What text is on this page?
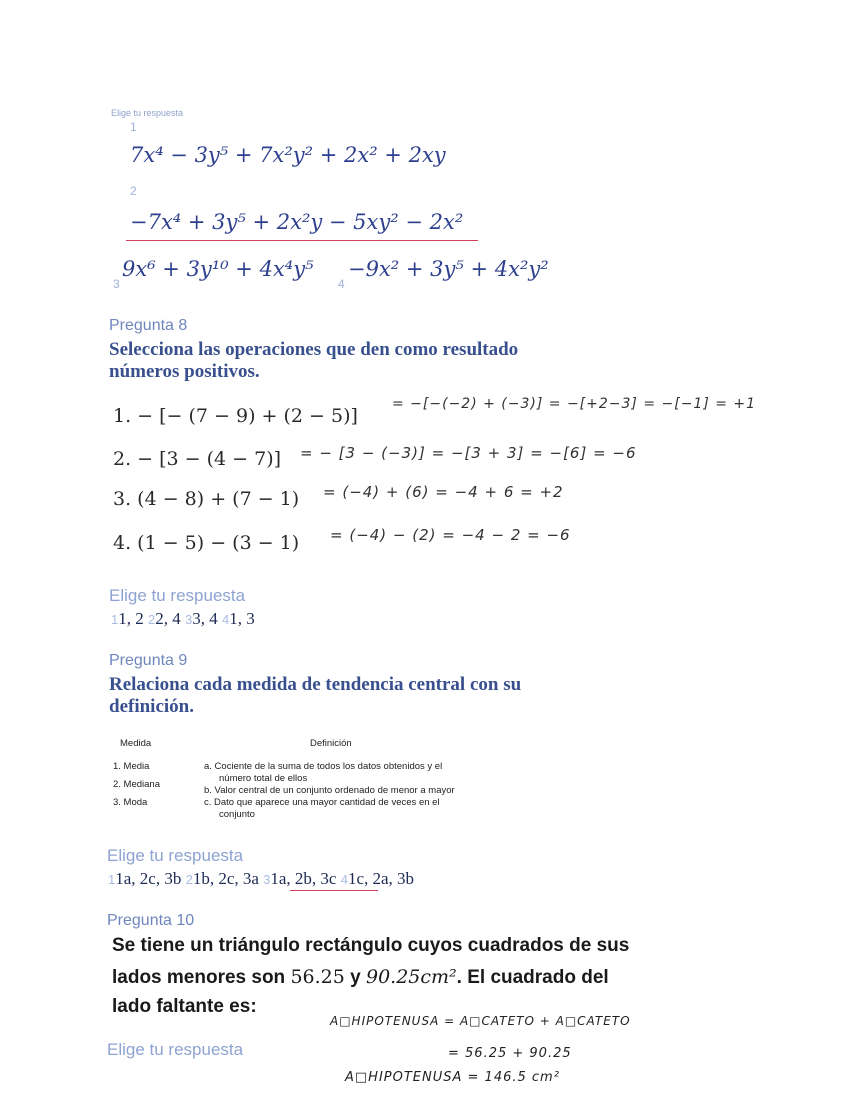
Elige tu respuesta
1
7x⁴ − 3y⁵ + 7x²y² + 2x² + 2xy
2
−7x⁴ + 3y⁵ + 2x²y − 5xy² − 2x²
3
9x⁶ + 3y¹⁰ + 4x⁴y⁵
4
−9x² + 3y⁵ + 4x²y²
Pregunta 8
Selecciona las operaciones que den como resultado
números positivos.
1. − [− (7 − 9) + (2 − 5)]
= −[−(−2) + (−3)] = −[+2−3] = −[−1] = +1
2. − [3 − (4 − 7)] = − [3 − (−3)] = −[3 + 3] = −[6] = −6
3. (4 − 8) + (7 − 1) = (−4) + (6) = −4 + 6 = +2
4. (1 − 5) − (3 − 1) = (−4) − (2) = −4 − 2 = −6
Elige tu respuesta
11, 2 22, 4 33, 4 41, 3
Pregunta 9
Relaciona cada medida de tendencia central con su
definición.
Medida	Definición
1. Media
2. Mediana
3. Moda
a. Cociente de la suma de todos los datos obtenidos y el
número total de ellos
b. Valor central de un conjunto ordenado de menor a mayor
c. Dato que aparece una mayor cantidad de veces en el
conjunto
Elige tu respuesta
11a, 2c, 3b 21b, 2c, 3a 31a, 2b, 3c 41c, 2a, 3b
Pregunta 10
Se tiene un triángulo rectángulo cuyos cuadrados de sus
lados menores son 56.25 y 90.25cm². El cuadrado del
lado faltante es:
A□HIPOTENUSA = A□CATETO + A□CATETO
Elige tu respuesta	= 56.25 + 90.25
A□HIPOTENUSA = 146.5 cm²
